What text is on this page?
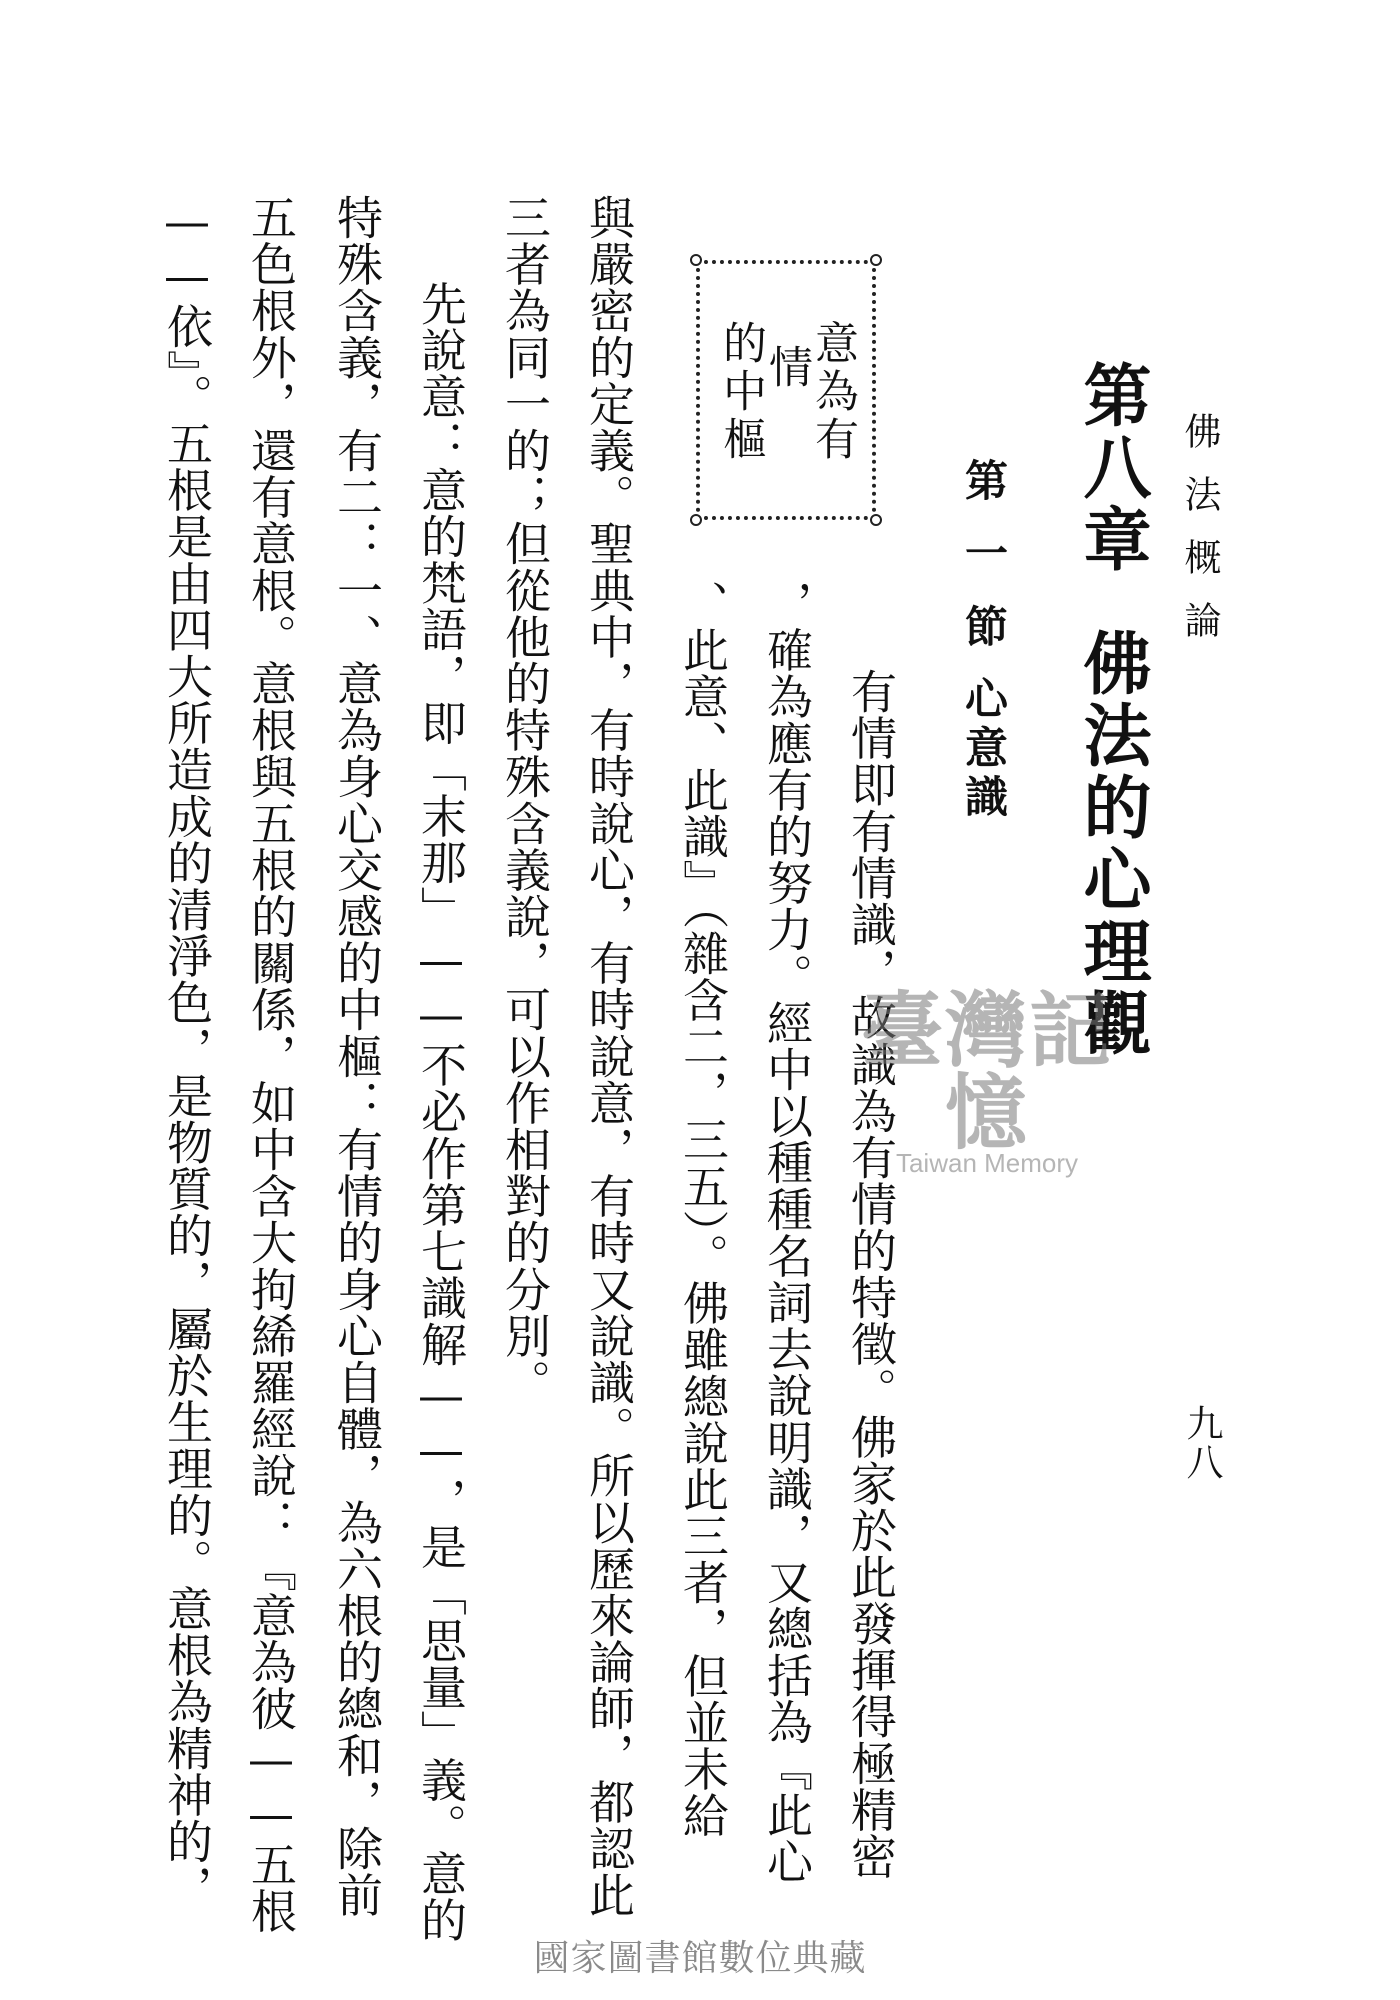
佛法概論
九八
第八章
佛法的心理觀
第一節
心意識
有情即有情識，故識為有情的特徵。佛家於此發揮得極精密
，確為應有的努力。經中以種種名詞去說明識，又總括為『此心
、此意、此識』（雜含二，三五）。佛雖總說此三者，但並未給
與嚴密的定義。聖典中，有時說心，有時說意，有時又說識。所以歷來論師，都認此
三者為同一的；但從他的特殊含義說，可以作相對的分別。
先說意：意的梵語，即「末那」——不必作第七識解——，是「思量」義。意的
特殊含義，有二：一、意為身心交感的中樞：有情的身心自體，為六根的總和，除前
五色根外，還有意根。意根與五根的關係，如中含大拘絺羅經說：『意為彼——五根
——依』。五根是由四大所造成的清淨色，是物質的，屬於生理的。意根為精神的，	意為有
情
的中樞
臺灣記憶
Taiwan Memory
國家圖書館數位典藏
